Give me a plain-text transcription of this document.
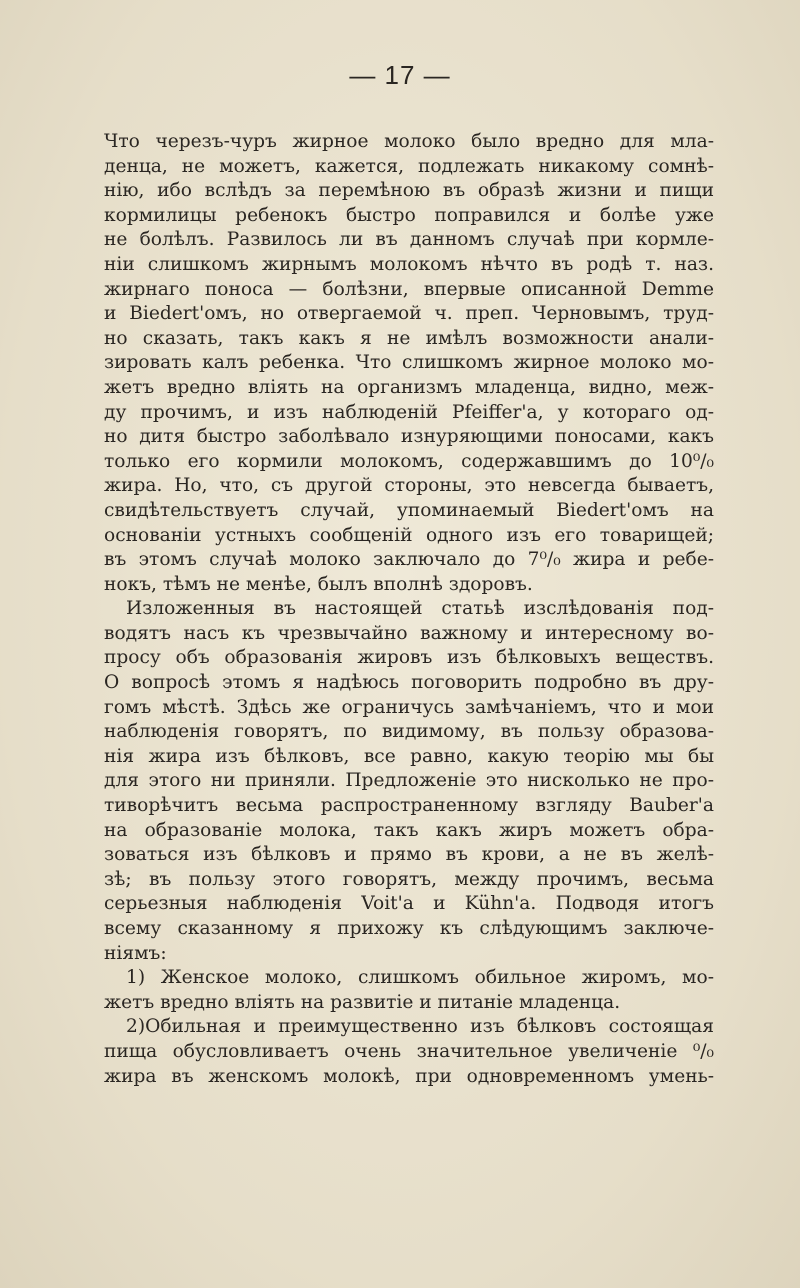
— 17 —
Что черезъ-чуръ жирное молоко было вредно для мла-
денца, не можетъ, кажется, подлежать никакому сомнѣ-
нію, ибо вслѣдъ за перемѣною въ образѣ жизни и пищи
кормилицы ребенокъ быстро поправился и болѣе уже
не болѣлъ. Развилось ли въ данномъ случаѣ при кормле-
ніи слишкомъ жирнымъ молокомъ нѣчто въ родѣ т. наз.
жирнаго поноса — болѣзни, впервые описанной Demme
и Biedert'омъ, но отвергаемой ч. преп. Черновымъ, труд-
но сказать, такъ какъ я не имѣлъ возможности анали-
зировать калъ ребенка. Что слишкомъ жирное молоко мо-
жетъ вредно вліять на организмъ младенца, видно, меж-
ду прочимъ, и изъ наблюденій Pfeiffer'а, у котораго од-
но дитя быстро заболѣвало изнуряющими поносами, какъ
только его кормили молокомъ, содержавшимъ до 10⁰/₀
жира. Но, что, съ другой стороны, это невсегда бываетъ,
свидѣтельствуетъ случай, упоминаемый Biedert'омъ на
основаніи устныхъ сообщеній одного изъ его товарищей;
въ этомъ случаѣ молоко заключало до 7⁰/₀ жира и ребе-
нокъ, тѣмъ не менѣе, былъ вполнѣ здоровъ.
Изложенныя въ настоящей статьѣ изслѣдованія под-
водятъ насъ къ чрезвычайно важному и интересному во-
просу объ образованія жировъ изъ бѣлковыхъ веществъ.
О вопросѣ этомъ я надѣюсь поговорить подробно въ дру-
гомъ мѣстѣ. Здѣсь же ограничусь замѣчаніемъ, что и мои
наблюденія говорятъ, по видимому, въ пользу образова-
нія жира изъ бѣлковъ, все равно, какую теорію мы бы
для этого ни приняли. Предложеніе это нисколько не про-
тиворѣчитъ весьма распространенному взгляду Bauber'а
на образованіе молока, такъ какъ жиръ можетъ обра-
зоваться изъ бѣлковъ и прямо въ крови, а не въ желѣ-
зѣ; въ пользу этого говорятъ, между прочимъ, весьма
серьезныя наблюденія Voit'а и Kühn'а. Подводя итогъ
всему сказанному я прихожу къ слѣдующимъ заключе-
ніямъ:
1) Женское молоко, слишкомъ обильное жиромъ, мо-
жетъ вредно вліять на развитіе и питаніе младенца.
2)Обильная и преимущественно изъ бѣлковъ состоящая
пища обусловливаетъ очень значительное увеличеніе ⁰/₀
жира въ женскомъ молокѣ, при одновременномъ умень-
